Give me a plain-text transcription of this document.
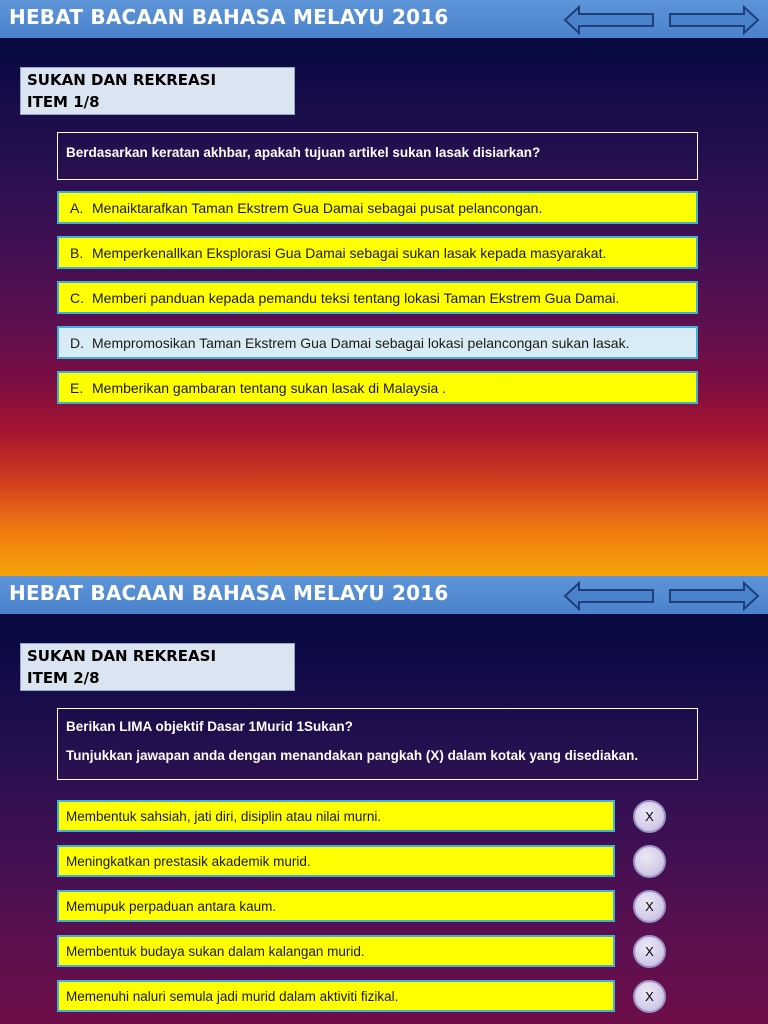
HEBAT BACAAN BAHASA MELAYU 2016
SUKAN DAN REKREASI
ITEM 1/8
Berdasarkan keratan akhbar, apakah tujuan artikel sukan lasak disiarkan?
A. Menaiktarafkan Taman Ekstrem Gua Damai sebagai pusat pelancongan.
B. Memperkenallkan Eksplorasi Gua Damai sebagai sukan lasak kepada masyarakat.
C. Memberi panduan kepada pemandu teksi tentang lokasi Taman Ekstrem Gua Damai.
D. Mempromosikan Taman Ekstrem Gua Damai sebagai lokasi pelancongan sukan lasak.
E. Memberikan gambaran tentang sukan lasak di Malaysia .
HEBAT BACAAN BAHASA MELAYU 2016
SUKAN DAN REKREASI
ITEM 2/8
Berikan LIMA objektif Dasar 1Murid 1Sukan?
Tunjukkan jawapan anda dengan menandakan pangkah (X) dalam kotak yang disediakan.
Membentuk sahsiah, jati diri, disiplin atau nilai murni.	X
Meningkatkan prestasik akademik murid.
Memupuk perpaduan antara kaum.	X
Membentuk budaya sukan dalam kalangan murid.	X
Memenuhi naluri semula jadi murid dalam aktiviti fizikal.	X
